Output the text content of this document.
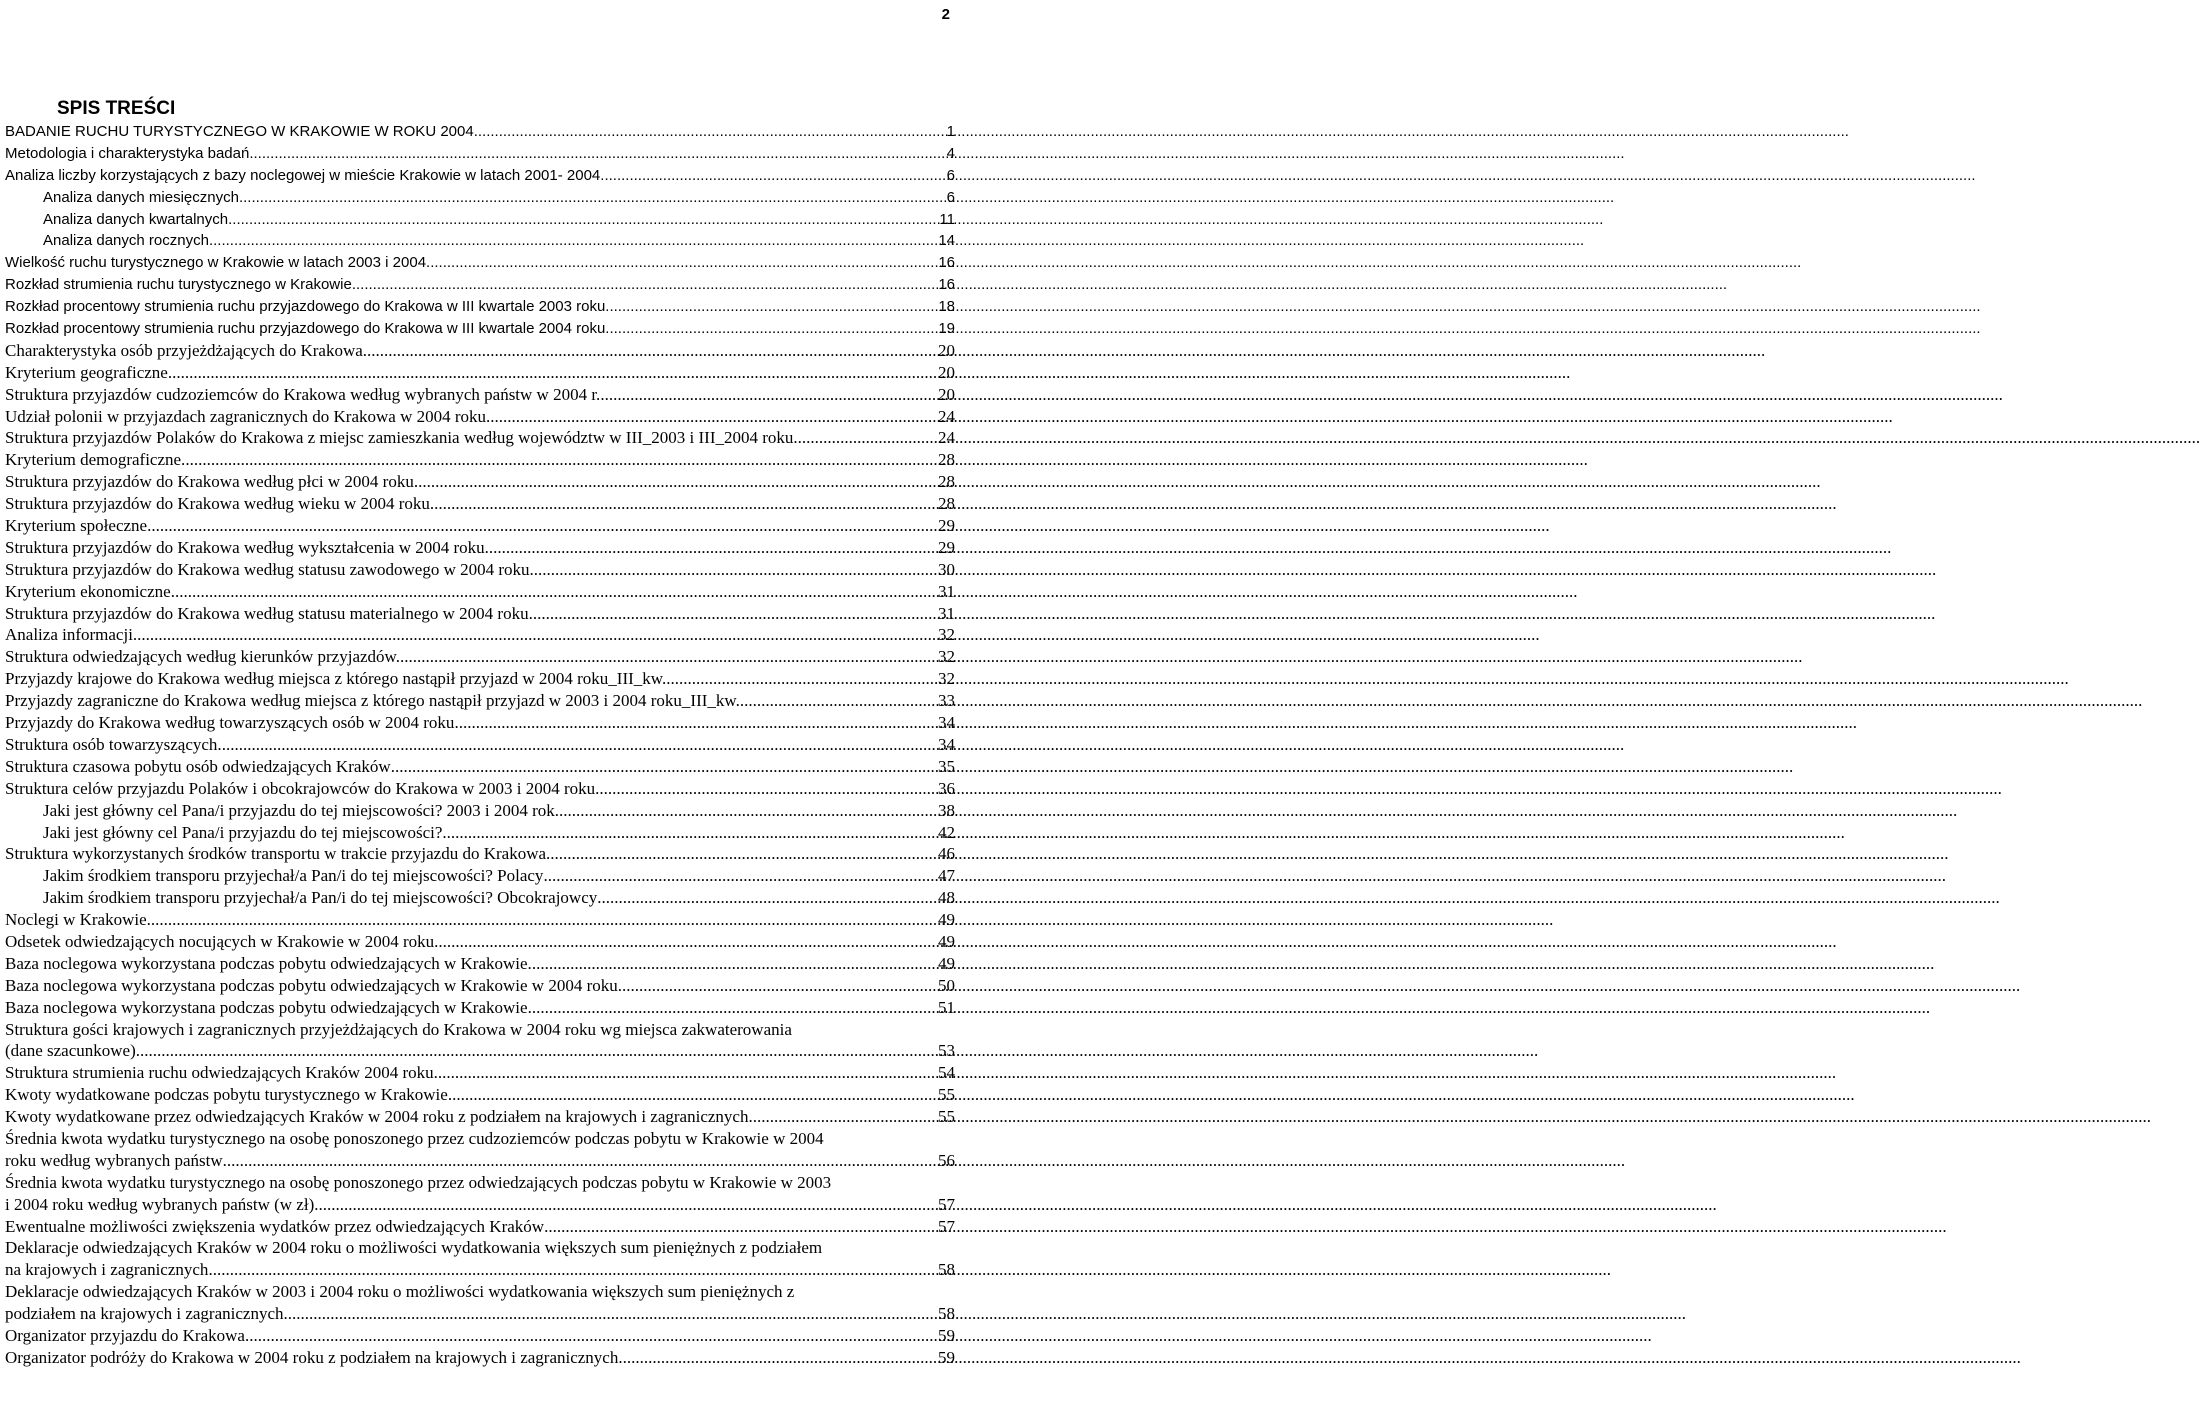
2
SPIS TREŚCI
BADANIE RUCHU TURYSTYCZNEGO W KRAKOWIE W ROKU 2004 .....	1
Metodologia i charakterystyka badań .....	4
Analiza liczby korzystających z bazy noclegowej w mieście Krakowie w latach 2001- 2004 .....	6
Analiza danych miesięcznych .....	6
Analiza danych kwartalnych .....	11
Analiza danych rocznych .....	14
Wielkość ruchu turystycznego w Krakowie w latach 2003 i 2004 .....	16
Rozkład strumienia ruchu turystycznego w Krakowie .....	16
Rozkład procentowy strumienia ruchu przyjazdowego do Krakowa w III kwartale 2003 roku .....	18
Rozkład procentowy strumienia ruchu przyjazdowego do Krakowa w III kwartale 2004 roku .....	19
Charakterystyka osób przyjeżdżających do Krakowa .....	20
Kryterium geograficzne .....	20
Struktura przyjazdów cudzoziemców do Krakowa według wybranych państw w 2004 r. .....	20
Udział polonii w przyjazdach zagranicznych do Krakowa w 2004 roku. .....	24
Struktura przyjazdów Polaków do Krakowa z miejsc zamieszkania według województw w III_2003 i III_2004 roku. .....	24
Kryterium demograficzne. .....	28
Struktura przyjazdów do Krakowa według płci w 2004 roku. .....	28
Struktura przyjazdów do Krakowa według wieku w 2004 roku. .....	28
Kryterium społeczne .....	29
Struktura przyjazdów do Krakowa według wykształcenia w 2004 roku. .....	29
Struktura przyjazdów do Krakowa według statusu zawodowego w 2004 roku. .....	30
Kryterium ekonomiczne. .....	31
Struktura przyjazdów do Krakowa według statusu materialnego w 2004 roku. .....	31
Analiza informacji. .....	32
Struktura odwiedzających według kierunków przyjazdów. .....	32
Przyjazdy krajowe do Krakowa według miejsca z którego nastąpił przyjazd w 2004 roku_III_kw. .....	32
Przyjazdy zagraniczne do Krakowa według miejsca z którego nastąpił przyjazd w 2003 i 2004 roku_III_kw. .....	33
Przyjazdy do Krakowa według towarzyszących osób w 2004 roku .....	34
Struktura osób towarzyszących. .....	34
Struktura czasowa pobytu osób odwiedzających Kraków .....	35
Struktura celów przyjazdu Polaków i obcokrajowców do Krakowa w 2003 i 2004 roku. .....	36
Jaki jest główny cel Pana/i przyjazdu do tej miejscowości? 2003 i 2004 rok .....	38
Jaki jest główny cel Pana/i przyjazdu do tej miejscowości? .....	42
Struktura wykorzystanych środków transportu w trakcie przyjazdu do Krakowa .....	46
Jakim środkiem transporu przyjechał/a Pan/i do tej miejscowości? Polacy .....	47
Jakim środkiem transporu przyjechał/a Pan/i do tej miejscowości? Obcokrajowcy .....	48
Noclegi w Krakowie. .....	49
Odsetek odwiedzających nocujących w Krakowie w 2004 roku .....	49
Baza noclegowa wykorzystana podczas pobytu odwiedzających w Krakowie. .....	49
Baza noclegowa wykorzystana podczas pobytu odwiedzających w Krakowie w 2004 roku .....	50
Baza noclegowa wykorzystana podczas pobytu odwiedzających w Krakowie .....	51
Struktura gości krajowych i zagranicznych przyjeżdżających do Krakowa w 2004 roku wg miejsca zakwaterowania
(dane szacunkowe) .....	53
Struktura strumienia ruchu odwiedzających Kraków 2004 roku .....	54
Kwoty wydatkowane podczas pobytu turystycznego w Krakowie. .....	55
Kwoty wydatkowane przez odwiedzających Kraków w 2004 roku z podziałem na krajowych i zagranicznych .....	55
Średnia kwota wydatku turystycznego na osobę ponoszonego przez cudzoziemców podczas pobytu w Krakowie w 2004
roku według wybranych państw .....	56
Średnia kwota wydatku turystycznego na osobę ponoszonego przez odwiedzających podczas pobytu w Krakowie w 2003
i 2004 roku według wybranych państw (w zł) .....	57
Ewentualne możliwości zwiększenia wydatków przez odwiedzających Kraków .....	57
Deklaracje odwiedzających Kraków w 2004 roku o możliwości wydatkowania większych sum pieniężnych z podziałem
na krajowych i zagranicznych .....	58
Deklaracje odwiedzających Kraków w 2003 i 2004 roku o możliwości wydatkowania większych sum pieniężnych z
podziałem na krajowych i zagranicznych .....	58
Organizator przyjazdu do Krakowa. .....	59
Organizator podróży do Krakowa w 2004 roku z podziałem na krajowych i zagranicznych .....	59
